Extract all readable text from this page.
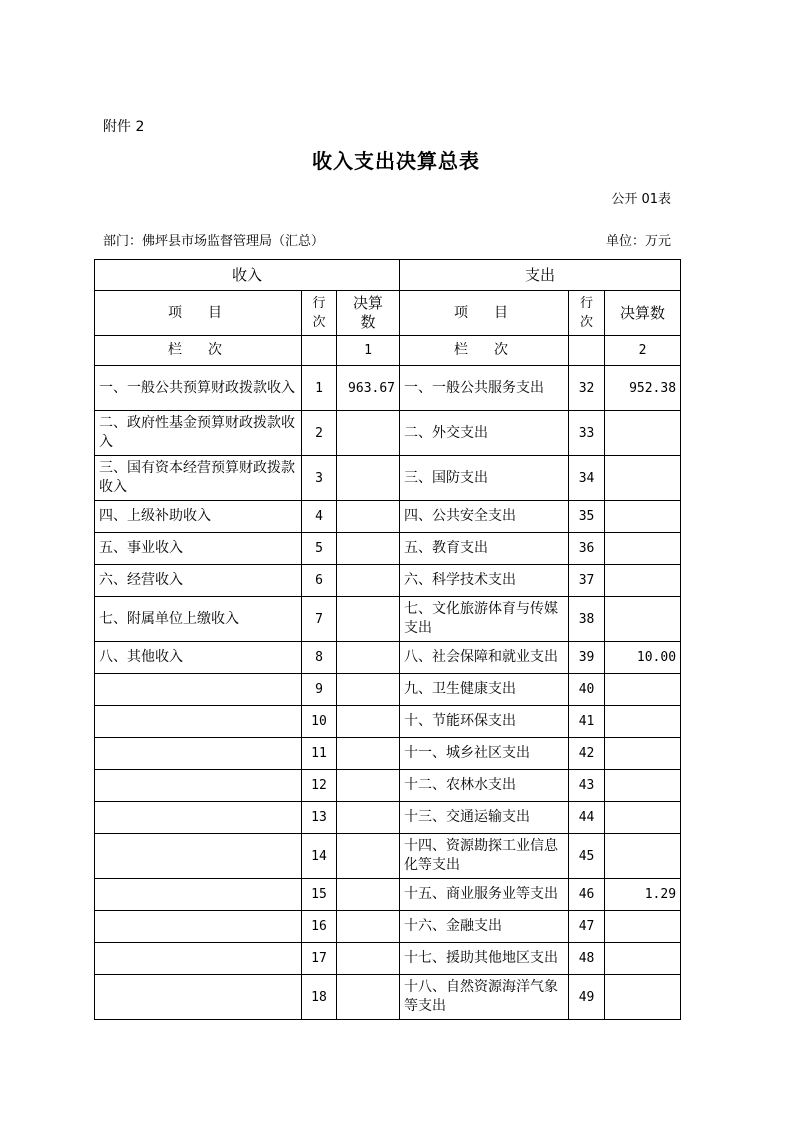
附件 2
收入支出决算总表
公开 01表
部门：佛坪县市场监督管理局（汇总）	单位：万元
收入			支出		
项　目	行次	决算数	项　目	行次	决算数
栏　次		1	栏　次		2
一、一般公共预算财政拨款收入	1	963.67	一、一般公共服务支出	32	952.38
二、政府性基金预算财政拨款收入	2		二、外交支出	33	
三、国有资本经营预算财政拨款收入	3		三、国防支出	34	
四、上级补助收入	4		四、公共安全支出	35	
五、事业收入	5		五、教育支出	36	
六、经营收入	6		六、科学技术支出	37	
七、附属单位上缴收入	7		七、文化旅游体育与传媒支出	38	
八、其他收入	8		八、社会保障和就业支出	39	10.00
	9		九、卫生健康支出	40	
	10		十、节能环保支出	41	
	11		十一、城乡社区支出	42	
	12		十二、农林水支出	43	
	13		十三、交通运输支出	44	
	14		十四、资源勘探工业信息化等支出	45	
	15		十五、商业服务业等支出	46	1.29
	16		十六、金融支出	47	
	17		十七、援助其他地区支出	48	
	18		十八、自然资源海洋气象等支出	49	
